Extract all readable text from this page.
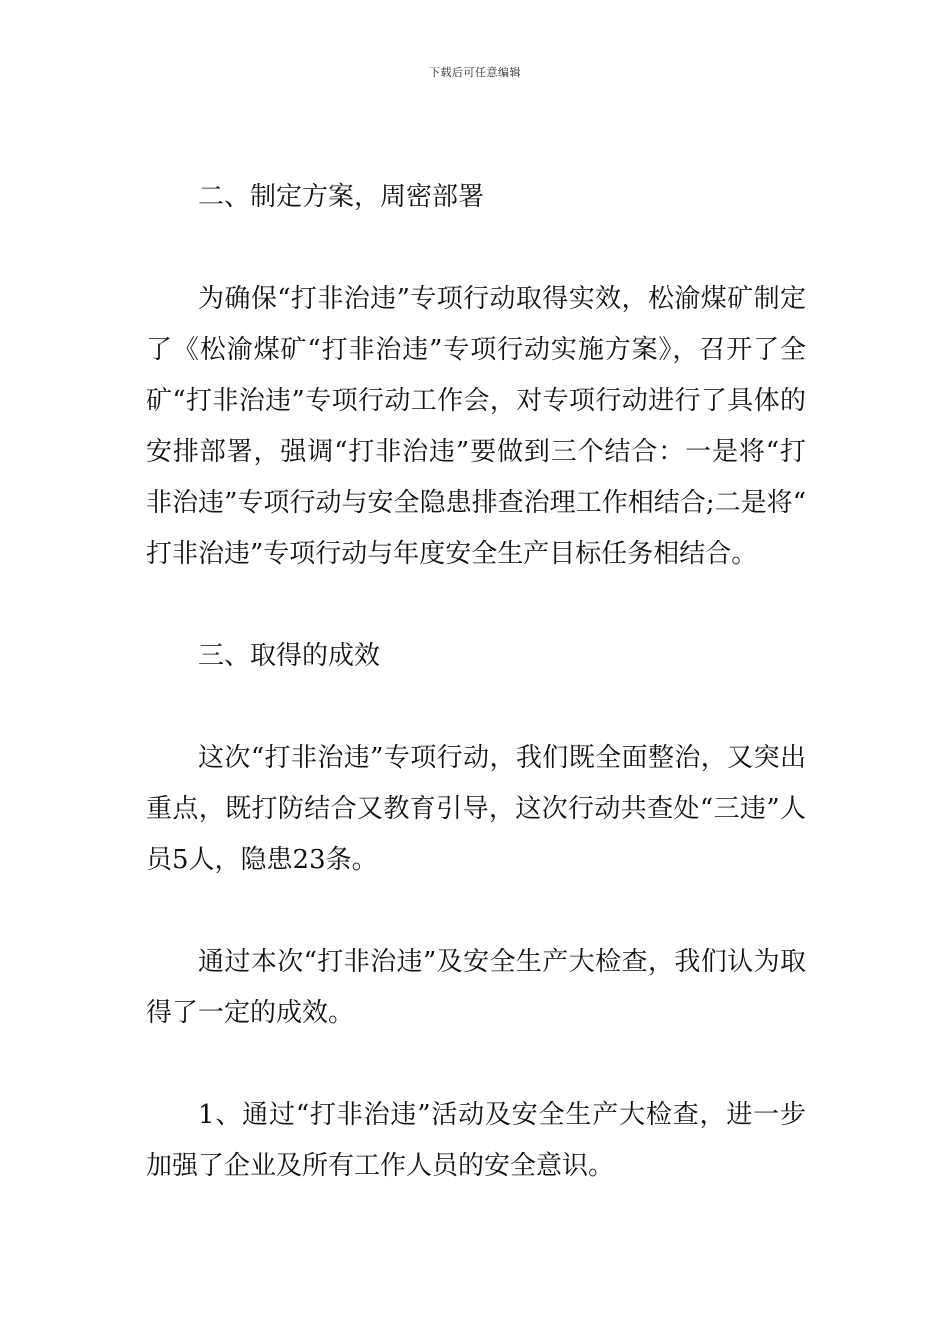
下载后可任意编辑

二、制定方案，周密部署

为确保“打非治违”专项行动取得实效，松渝煤矿制定了《松渝煤矿“打非治违”专项行动实施方案》，召开了全矿“打非治违”专项行动工作会，对专项行动进行了具体的安排部署，强调“打非治违”要做到三个结合：一是将“打非治违”专项行动与安全隐患排查治理工作相结合;二是将“打非治违”专项行动与年度安全生产目标任务相结合。

三、取得的成效

这次“打非治违”专项行动，我们既全面整治，又突出重点，既打防结合又教育引导，这次行动共查处“三违”人员5人，隐患23条。

通过本次“打非治违”及安全生产大检查，我们认为取得了一定的成效。

1、通过“打非治违”活动及安全生产大检查，进一步加强了企业及所有工作人员的安全意识。
